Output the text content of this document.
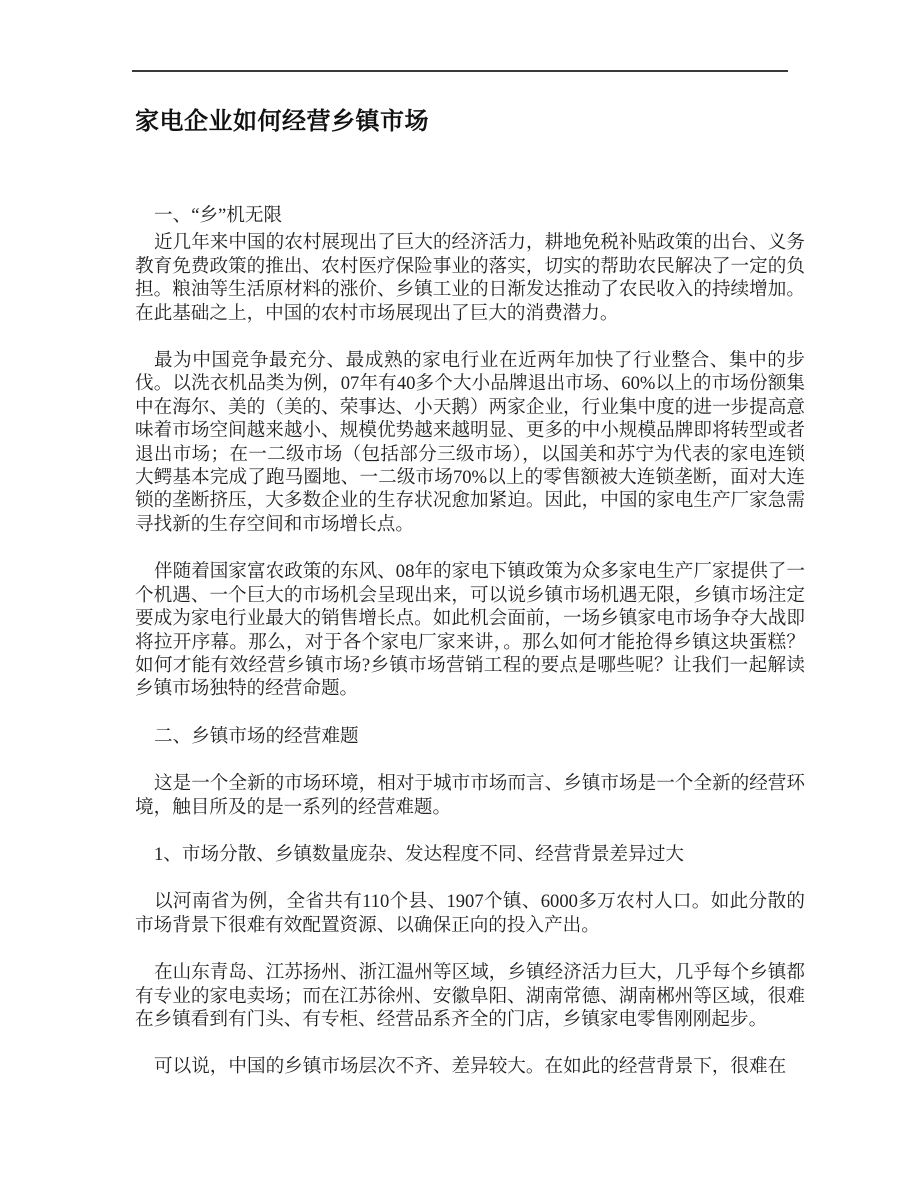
家电企业如何经营乡镇市场

一、“乡”机无限

近几年来中国的农村展现出了巨大的经济活力，耕地免税补贴政策的出台、义务教育免费政策的推出、农村医疗保险事业的落实，切实的帮助农民解决了一定的负担。粮油等生活原材料的涨价、乡镇工业的日渐发达推动了农民收入的持续增加。在此基础之上，中国的农村市场展现出了巨大的消费潜力。

最为中国竞争最充分、最成熟的家电行业在近两年加快了行业整合、集中的步伐。以洗衣机品类为例，07年有40多个大小品牌退出市场、60%以上的市场份额集中在海尔、美的（美的、荣事达、小天鹅）两家企业，行业集中度的进一步提高意味着市场空间越来越小、规模优势越来越明显、更多的中小规模品牌即将转型或者退出市场；在一二级市场（包括部分三级市场），以国美和苏宁为代表的家电连锁大鳄基本完成了跑马圈地、一二级市场70%以上的零售额被大连锁垄断，面对大连锁的垄断挤压，大多数企业的生存状况愈加紧迫。因此，中国的家电生产厂家急需寻找新的生存空间和市场增长点。

伴随着国家富农政策的东风、08年的家电下镇政策为众多家电生产厂家提供了一个机遇、一个巨大的市场机会呈现出来，可以说乡镇市场机遇无限，乡镇市场注定要成为家电行业最大的销售增长点。如此机会面前，一场乡镇家电市场争夺大战即将拉开序幕。那么，对于各个家电厂家来讲，。那么如何才能抢得乡镇这块蛋糕？如何才能有效经营乡镇市场?乡镇市场营销工程的要点是哪些呢？让我们一起解读乡镇市场独特的经营命题。

二、乡镇市场的经营难题

这是一个全新的市场环境，相对于城市市场而言、乡镇市场是一个全新的经营环境，触目所及的是一系列的经营难题。

1、市场分散、乡镇数量庞杂、发达程度不同、经营背景差异过大

以河南省为例，全省共有110个县、1907个镇、6000多万农村人口。如此分散的市场背景下很难有效配置资源、以确保正向的投入产出。

在山东青岛、江苏扬州、浙江温州等区域，乡镇经济活力巨大，几乎每个乡镇都有专业的家电卖场；而在江苏徐州、安徽阜阳、湖南常德、湖南郴州等区域，很难在乡镇看到有门头、有专柜、经营品系齐全的门店，乡镇家电零售刚刚起步。

可以说，中国的乡镇市场层次不齐、差异较大。在如此的经营背景下，很难在
